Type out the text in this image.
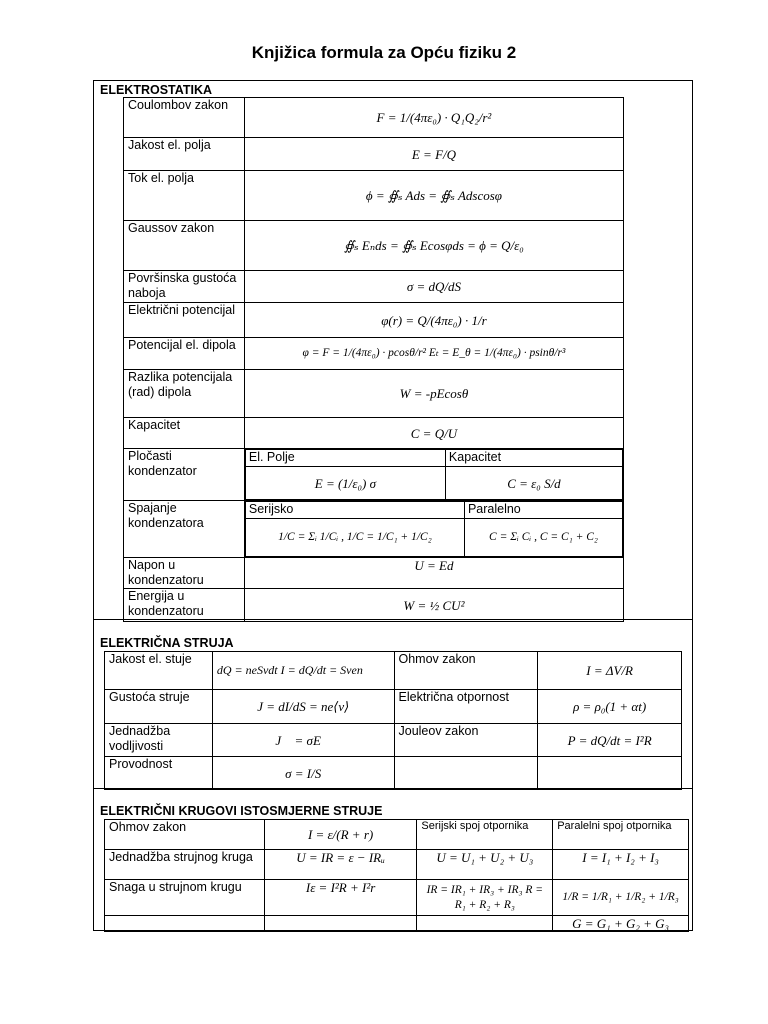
Knjižica formula za Opću fiziku 2
ELEKTROSTATIKA
Coulombov zakon	F = 1/(4πε₀) · Q₁Q₂/r²
Jakost el. polja	E = F/Q
Tok el. polja	ϕ = ∯ₛ Ads = ∯ₛ Adscosφ
Gaussov zakon	∯ₛ Eₙds = ∯ₛ Ecosφds = ϕ = Q/ε₀
Površinska gustoća naboja	σ = dQ/dS
Električni potencijal	φ(r) = Q/(4πε₀) · 1/r
Potencijal el. dipola	φ = F = 1/(4πε₀) · pcosθ/r² Eₜ = E_θ = 1/(4πε₀) · psinθ/r³
Razlika potencijala (rad) dipola	W = -pEcosθ
Kapacitet	C = Q/U
Pločasti kondenzator	
El. Polje	Kapacitet
E = (1/ε₀) σ	C = ε₀ S/d

Spajanje kondenzatora	
Serijsko	Paralelno
1/C = Σᵢ 1/Cᵢ , 1/C = 1/C₁ + 1/C₂	C = Σᵢ Cᵢ , C = C₁ + C₂

Napon u kondenzatoru	U = Ed
Energija u kondenzatoru	W = ½ CU²
ELEKTRIČNA STRUJA
Jakost el. stuje	dQ = neSvdt I = dQ/dt = Sven	Ohmov zakon	I = ΔV/R
Gustoća struje	J = dI/dS = ne⟨v⟩	Električna otpornost	ρ = ρ₀(1 + αt)
Jednadžba vodljivosti	J⃗ = σE⃗	Jouleov zakon	P = dQ/dt = I²R
Provodnost	σ = I/S		
ELEKTRIČNI KRUGOVI ISTOSMJERNE STRUJE
Ohmov zakon	I = ε/(R + r)	Serijski spoj otpornika	Paralelni spoj otpornika
Jednadžba strujnog kruga	U = IR = ε − IRᵤ	U = U₁ + U₂ + U₃	I = I₁ + I₂ + I₃
Snaga u strujnom krugu	Iε = I²R + I²r	IR = IR₁ + IR₃ + IR₃ R = R₁ + R₂ + R₃	1/R = 1/R₁ + 1/R₂ + 1/R₃
			G = G₁ + G₂ + G₃
